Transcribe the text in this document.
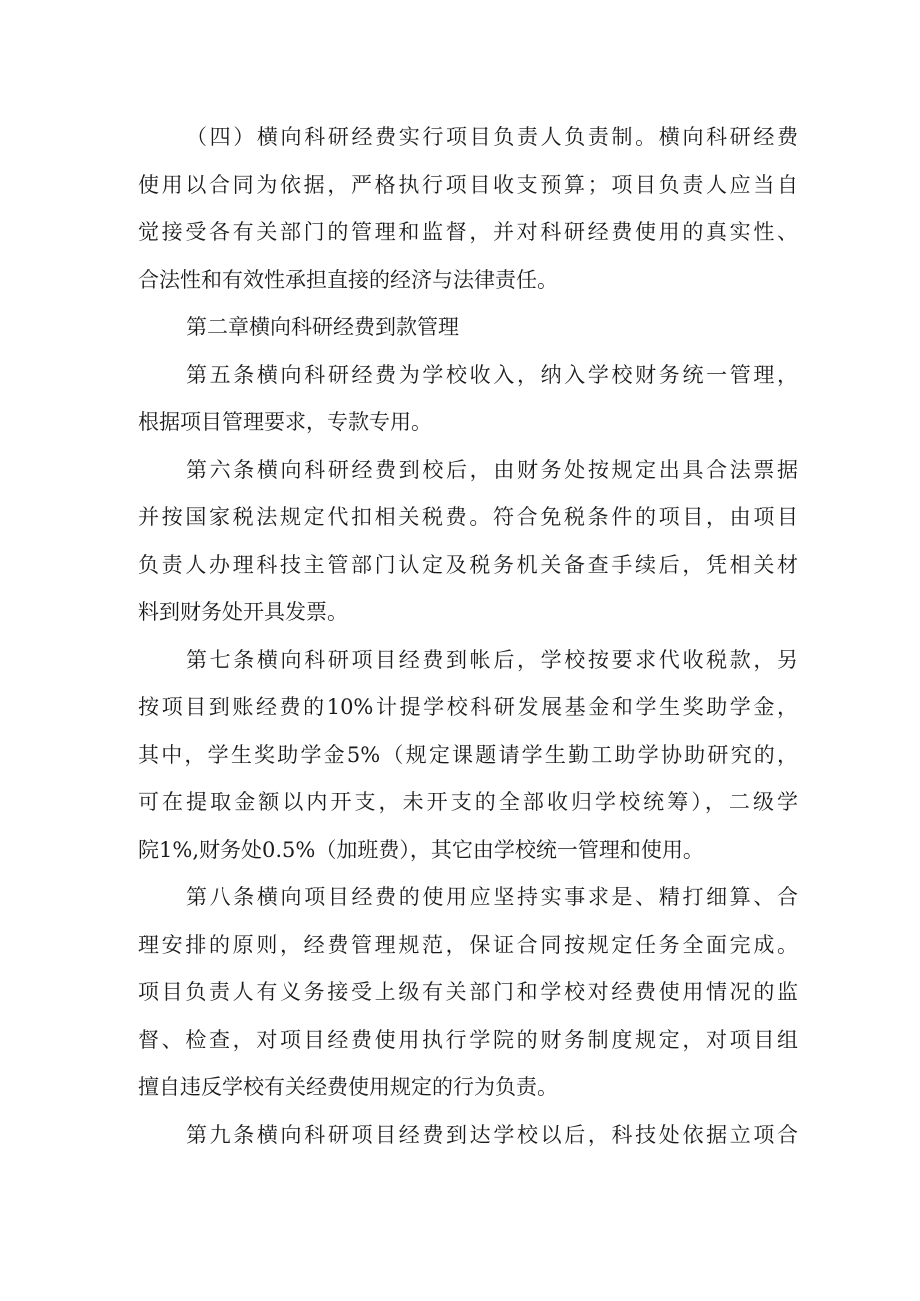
（四）横向科研经费实行项目负责人负责制。横向科研经费
使用以合同为依据，严格执行项目收支预算；项目负责人应当自
觉接受各有关部门的管理和监督，并对科研经费使用的真实性、
合法性和有效性承担直接的经济与法律责任。
第二章横向科研经费到款管理
第五条横向科研经费为学校收入，纳入学校财务统一管理，
根据项目管理要求，专款专用。
第六条横向科研经费到校后，由财务处按规定出具合法票据
并按国家税法规定代扣相关税费。符合免税条件的项目，由项目
负责人办理科技主管部门认定及税务机关备查手续后，凭相关材
料到财务处开具发票。
第七条横向科研项目经费到帐后，学校按要求代收税款，另
按项目到账经费的10%计提学校科研发展基金和学生奖助学金，
其中，学生奖助学金5%（规定课题请学生勤工助学协助研究的，
可在提取金额以内开支，未开支的全部收归学校统筹），二级学
院1%,财务处0.5%（加班费），其它由学校统一管理和使用。
第八条横向项目经费的使用应坚持实事求是、精打细算、合
理安排的原则，经费管理规范，保证合同按规定任务全面完成。
项目负责人有义务接受上级有关部门和学校对经费使用情况的监
督、检查，对项目经费使用执行学院的财务制度规定，对项目组
擅自违反学校有关经费使用规定的行为负责。
第九条横向科研项目经费到达学校以后，科技处依据立项合
